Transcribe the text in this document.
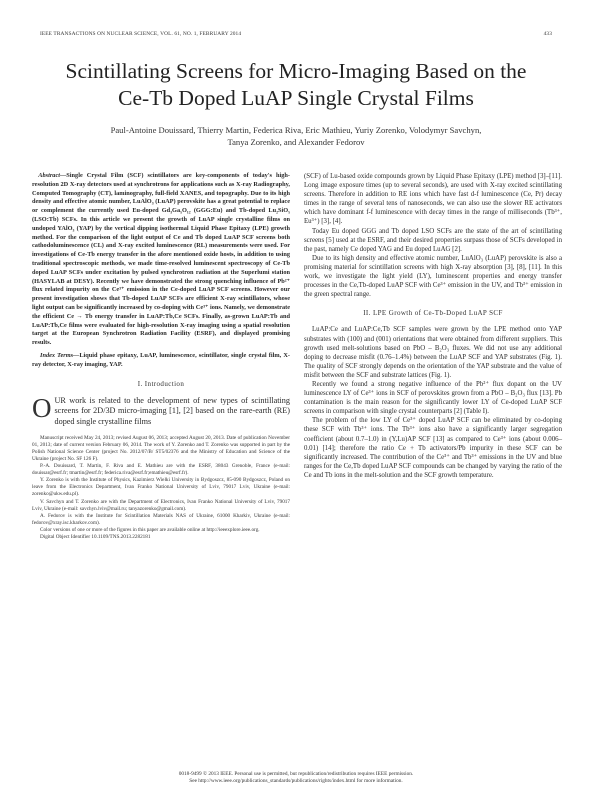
IEEE TRANSACTIONS ON NUCLEAR SCIENCE, VOL. 61, NO. 1, FEBRUARY 2014	433
Scintillating Screens for Micro-Imaging Based on the
Ce-Tb Doped LuAP Single Crystal Films
Paul-Antoine Douissard, Thierry Martin, Federica Riva, Eric Mathieu, Yuriy Zorenko, Volodymyr Savchyn,
Tanya Zorenko, and Alexander Fedorov

 Abstract—Single Crystal Film (SCF) scintillators are key-components of today's high-resolution 2D X-ray detectors used at synchrotrons for applications such as X-ray Radiography, Computed Tomography (CT), laminography, full-field XANES, and topography. Due to its high density and effective atomic number, LuAlO₃ (LuAP) perovskite has a great potential to replace or complement the currently used Eu-doped Gd₃Ga₅O₁₂ (GGG:Eu) and Tb-doped Lu₂SiO₅ (LSO:Tb) SCFs. In this article we present the growth of LuAP single crystalline films on undoped YAlO₃ (YAP) by the vertical dipping isothermal Liquid Phase Epitaxy (LPE) growth method. For the comparison of the light output of Ce and Tb doped LuAP SCF screens both cathodoluminescence (CL) and X-ray excited luminescence (RL) measurements were used. For investigations of Ce-Tb energy transfer in the afore mentioned oxide hosts, in addition to using traditional spectroscopic methods, we made time-resolved luminescent spectroscopy of Ce-Tb doped LuAP SCFs under excitation by pulsed synchrotron radiation at the Superlumi station (HASYLAB at DESY). Recently we have demonstrated the strong quenching influence of Pb²⁺ flux related impurity on the Ce³⁺ emission in the Ce-doped LuAP SCF screens. However our present investigation shows that Tb-doped LuAP SCFs are efficient X-ray scintillators, whose light output can be significantly increased by co-doping with Ce³⁺ ions. Namely, we demonstrate the efficient Ce → Tb energy transfer in LuAP:Tb,Ce SCFs. Finally, as-grown LuAP:Tb and LuAP:Tb,Ce films were evaluated for high-resolution X-ray imaging using a spatial resolution target at the European Synchrotron Radiation Facility (ESRF), and displayed promising results.

Index Terms—Liquid phase epitaxy, LuAP, luminescence, scintillator, single crystal film, X-ray detector, X-ray imaging, YAP.

I. Introduction
O UR work is related to the development of new types of scintillating screens for 2D/3D micro-imaging [1], [2] based on the rare-earth (RE) doped single crystalline films

Manuscript received May 24, 2013; revised August 06, 2013; accepted August 20, 2013. Date of publication November 01, 2013; date of current version February 06, 2014. The work of Y. Zorenko and T. Zorenko was supported in part by the Polish National Science Center (project No. 2012/07/B/ ST5/02376 and the Ministry of Education and Science of the Ukraine (project No. SF 126 F).

P.-A. Douissard, T. Martin, F. Riva and E. Mathieu are with the ESRF, 38043 Grenoble, France (e-mail: douissar@esrf.fr; tmartin@esrf.fr; federica.riva@esrf.fr;emathieu@esrf.fr).

Y. Zorenko is with the Institute of Physics, Kazimierz Wielki University in Bydgoszcz, 85-090 Bydgoszcz, Poland on leave from the Electronics Department, Ivan Franko National University of Lviv, 79017 Lviv, Ukraine (e-mail: zorenko@ukw.edu.pl).

V. Savchyn and T. Zorenko are with the Department of Electronics, Ivan Franko National University of Lviv, 79017 Lviv, Ukraine (e-mail: savchyn.lviv@mail.ru; tanyazorenko@gmail.com).

A. Fedorov is with the Institute for Scintillation Materials NAS of Ukraine, 61000 Kharkiv, Ukraine (e-mail: fedorov@xray.isc.kharkov.com).

Color versions of one or more of the figures in this paper are available online at http://ieeexplore.ieee.org.

Digital Object Identifier 10.1109/TNS.2013.2282181

(SCF) of Lu-based oxide compounds grown by Liquid Phase Epitaxy (LPE) method [3]–[11]. Long image exposure times (up to several seconds), are used with X-ray excited scintillating screens. Therefore in addition to RE ions which have fast d-f luminescence (Ce, Pr) decay times in the range of several tens of nanoseconds, we can also use the slower RE activators which have dominant f-f luminescence with decay times in the range of milliseconds (Tb³⁺, Eu³⁺) [3], [4].

Today Eu doped GGG and Tb doped LSO SCFs are the state of the art of scintillating screens [5] used at the ESRF, and their desired properties surpass those of SCFs developed in the past, namely Ce doped YAG and Eu doped LuAG [2].

Due to its high density and effective atomic number, LuAlO₃ (LuAP) perovskite is also a promising material for scintillation screens with high X-ray absorption [3], [8], [11]. In this work, we investigate the light yield (LY), luminescent properties and energy transfer processes in the Ce,Tb-doped LuAP SCF with Ce³⁺ emission in the UV, and Tb³⁺ emission in the green spectral range.

II. LPE Growth of Ce-Tb-Doped LuAP SCF

LuAP:Ce and LuAP:Ce,Tb SCF samples were grown by the LPE method onto YAP substrates with (100) and (001) orientations that were obtained from different suppliers. This growth used melt-solutions based on PbO – B₂O₃ fluxes. We did not use any additional doping to decrease misfit (0.76–1.4%) between the LuAP SCF and YAP substrates (Fig. 1). The quality of SCF strongly depends on the orientation of the YAP substrate and the value of misfit between the SCF and substrate lattices (Fig. 1).

Recently we found a strong negative influence of the Pb²⁺ flux dopant on the UV luminescence LY of Ce³⁺ ions in SCF of perovskites grown from a PbO – B₂O₃ flux [13]. Pb contamination is the main reason for the significantly lower LY of Ce-doped LuAP SCF screens in comparison with single crystal counterparts [2] (Table I).

The problem of the low LY of Ce³⁺ doped LuAP SCF can be eliminated by co-doping these SCF with Tb³⁺ ions. The Tb³⁺ ions also have a significantly larger segregation coefficient (about 0.7–1.0) in (Y,Lu)AP SCF [13] as compared to Ce³⁺ ions (about 0.006–0.01) [14]; therefore the ratio Ce + Tb activators/Pb impurity in these SCF can be significantly increased. The contribution of the Ce³⁺ and Tb³⁺ emissions in the UV and blue ranges for the Ce,Tb doped LuAP SCF compounds can be changed by varying the ratio of the Ce and Tb ions in the melt-solution and the SCF growth temperature.

0018-9499 © 2013 IEEE. Personal use is permitted, but republication/redistribution requires IEEE permission.
See http://www.ieee.org/publications_standards/publications/rights/index.html for more information.
